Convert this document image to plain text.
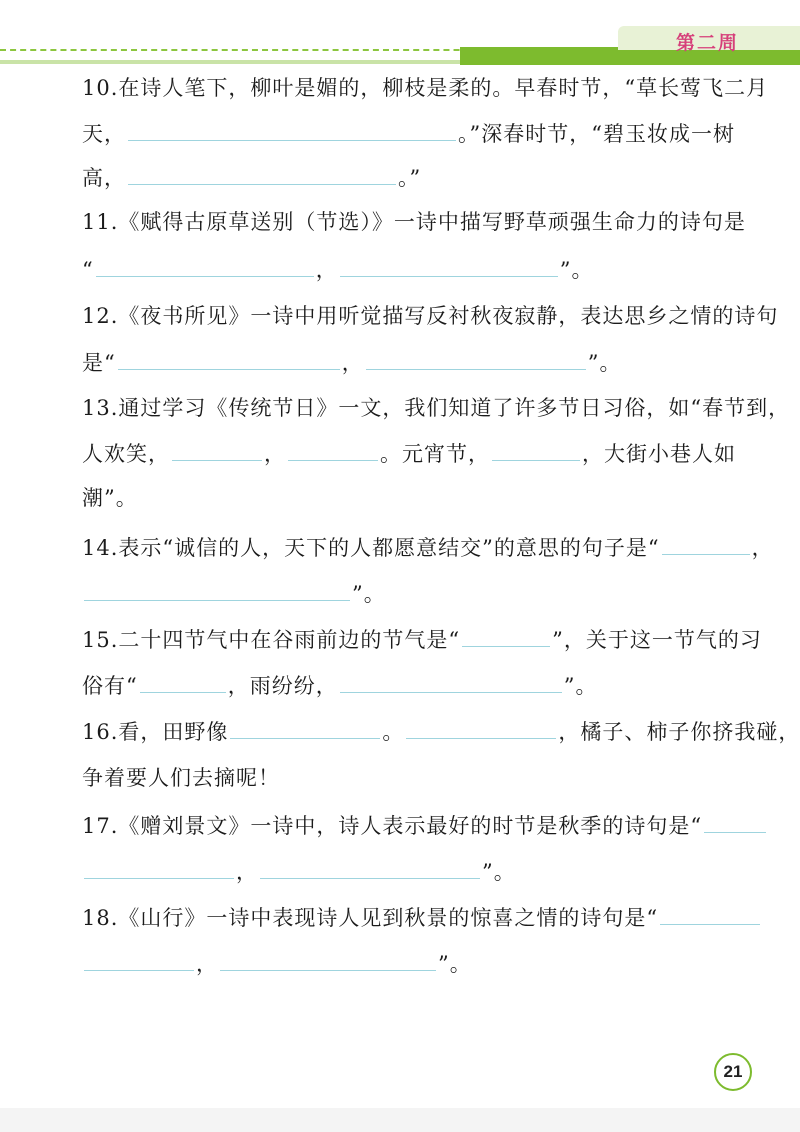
第二周
10.在诗人笔下，柳叶是媚的，柳枝是柔的。早春时节，“草长莺飞二月
天，	。”深春时节，“碧玉妆成一树
高，	。”
11.《赋得古原草送别（节选）》一诗中描写野草顽强生命力的诗句是
“	，	”。
12.《夜书所见》一诗中用听觉描写反衬秋夜寂静，表达思乡之情的诗句
是“	，	”。
13.通过学习《传统节日》一文，我们知道了许多节日习俗，如“春节到，
人欢笑，	，	。元宵节，	，大街小巷人如
潮”。
14.表示“诚信的人，天下的人都愿意结交”的意思的句子是“	，
”。
15.二十四节气中在谷雨前边的节气是“	”，关于这一节气的习
俗有“	，雨纷纷，	”。
16.看，田野像	。	，橘子、柿子你挤我碰，
争着要人们去摘呢！
17.《赠刘景文》一诗中，诗人表示最好的时节是秋季的诗句是“
，	”。
18.《山行》一诗中表现诗人见到秋景的惊喜之情的诗句是“
，	”。
21
